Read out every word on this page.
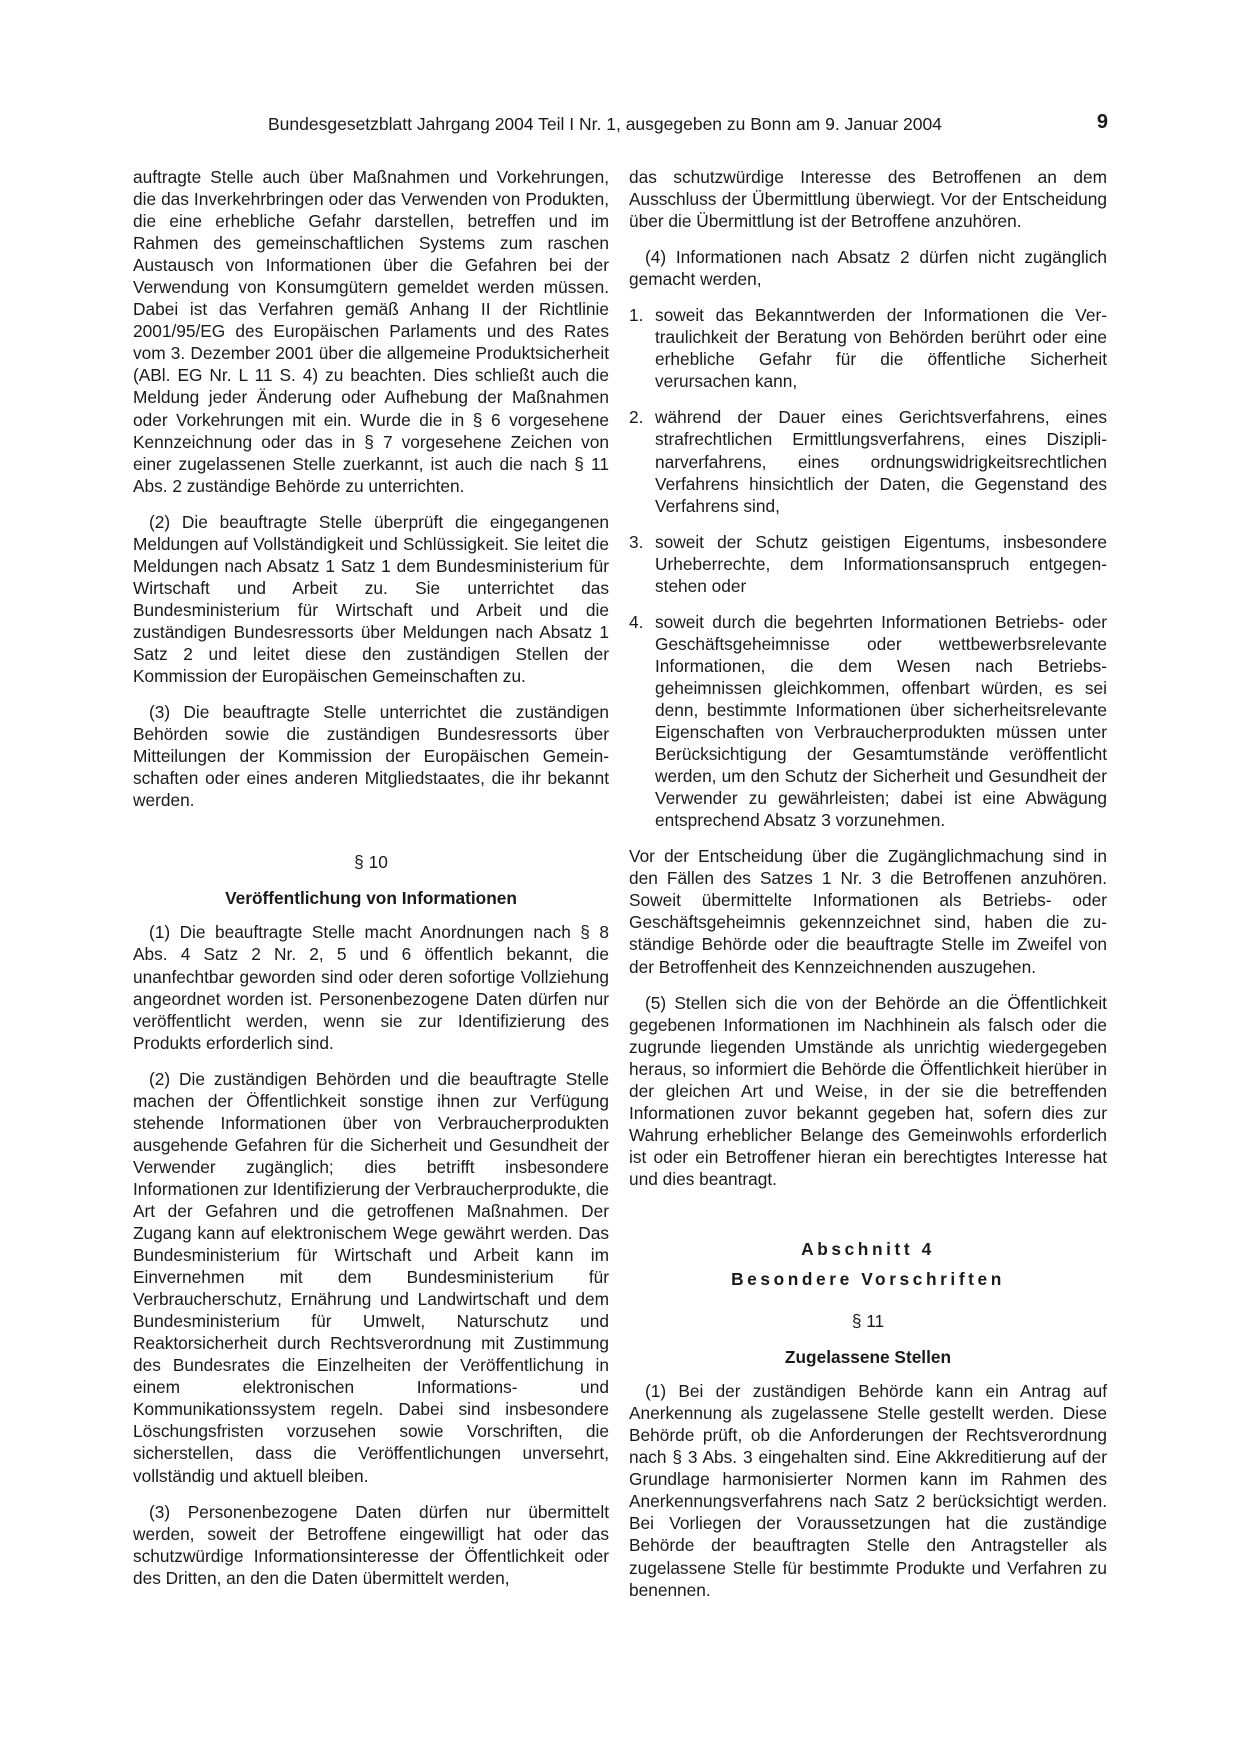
Bundesgesetzblatt Jahrgang 2004 Teil I Nr. 1, ausgegeben zu Bonn am 9. Januar 2004	9

auftragte Stelle auch über Maßnahmen und Vorkehrungen, die das Inverkehrbringen oder das Verwenden von Produkten, die eine erhebliche Gefahr darstellen, betreffen und im Rahmen des gemeinschaftlichen Systems zum raschen Austausch von Informationen über die Gefahren bei der Verwendung von Konsumgütern gemeldet werden müssen. Dabei ist das Verfahren gemäß Anhang II der Richtlinie 2001/95/EG des Europäischen Parlaments und des Rates vom 3. Dezember 2001 über die allgemeine Produktsicherheit (ABl. EG Nr. L 11 S. 4) zu beachten. Dies schließt auch die Meldung jeder Änderung oder Aufhebung der Maßnahmen oder Vorkehrungen mit ein. Wurde die in § 6 vorgesehene Kennzeichnung oder das in § 7 vorgesehene Zeichen von einer zugelassenen Stelle zuerkannt, ist auch die nach § 11 Abs. 2 zuständige Behörde zu unterrichten.

(2) Die beauftragte Stelle überprüft die eingegangenen Meldungen auf Vollständigkeit und Schlüssigkeit. Sie leitet die Meldungen nach Absatz 1 Satz 1 dem Bundesministerium für Wirtschaft und Arbeit zu. Sie unterrichtet das Bundesministerium für Wirtschaft und Arbeit und die zuständigen Bundesressorts über Meldungen nach Absatz 1 Satz 2 und leitet diese den zuständigen Stellen der Kommission der Europäischen Gemeinschaften zu.

(3) Die beauftragte Stelle unterrichtet die zuständigen Behörden sowie die zuständigen Bundesressorts über Mitteilungen der Kommission der Europäischen Gemeinschaften oder eines anderen Mitgliedstaates, die ihr bekannt werden.

§ 10
Veröffentlichung von Informationen

(1) Die beauftragte Stelle macht Anordnungen nach § 8 Abs. 4 Satz 2 Nr. 2, 5 und 6 öffentlich bekannt, die unanfechtbar geworden sind oder deren sofortige Vollziehung angeordnet worden ist. Personenbezogene Daten dürfen nur veröffentlicht werden, wenn sie zur Identifizierung des Produkts erforderlich sind.

(2) Die zuständigen Behörden und die beauftragte Stelle machen der Öffentlichkeit sonstige ihnen zur Verfügung stehende Informationen über von Verbraucherprodukten ausgehende Gefahren für die Sicherheit und Gesundheit der Verwender zugänglich; dies betrifft insbesondere Informationen zur Identifizierung der Verbraucherprodukte, die Art der Gefahren und die getroffenen Maßnahmen. Der Zugang kann auf elektronischem Wege gewährt werden. Das Bundesministerium für Wirtschaft und Arbeit kann im Einvernehmen mit dem Bundesministerium für Verbraucherschutz, Ernährung und Landwirtschaft und dem Bundesministerium für Umwelt, Naturschutz und Reaktorsicherheit durch Rechtsverordnung mit Zustimmung des Bundesrates die Einzelheiten der Veröffentlichung in einem elektronischen Informations- und Kommunikationssystem regeln. Dabei sind insbesondere Löschungsfristen vorzusehen sowie Vorschriften, die sicherstellen, dass die Veröffentlichungen unversehrt, vollständig und aktuell bleiben.

(3) Personenbezogene Daten dürfen nur übermittelt werden, soweit der Betroffene eingewilligt hat oder das schutzwürdige Informationsinteresse der Öffentlichkeit oder des Dritten, an den die Daten übermittelt werden,

das schutzwürdige Interesse des Betroffenen an dem Ausschluss der Übermittlung überwiegt. Vor der Entscheidung über die Übermittlung ist der Betroffene anzuhören.

(4) Informationen nach Absatz 2 dürfen nicht zugänglich gemacht werden,

1. soweit das Bekanntwerden der Informationen die Vertraulichkeit der Beratung von Behörden berührt oder eine erhebliche Gefahr für die öffentliche Sicherheit verursachen kann,
2. während der Dauer eines Gerichtsverfahrens, eines strafrechtlichen Ermittlungsverfahrens, eines Disziplinarverfahrens, eines ordnungswidrigkeitsrechtlichen Verfahrens hinsichtlich der Daten, die Gegenstand des Verfahrens sind,
3. soweit der Schutz geistigen Eigentums, insbesondere Urheberrechte, dem Informationsanspruch entgegenstehen oder
4. soweit durch die begehrten Informationen Betriebs- oder Geschäftsgeheimnisse oder wettbewerbsrelevante Informationen, die dem Wesen nach Betriebsgeheimnissen gleichkommen, offenbart würden, es sei denn, bestimmte Informationen über sicherheitsrelevante Eigenschaften von Verbraucherprodukten müssen unter Berücksichtigung der Gesamtumstände veröffentlicht werden, um den Schutz der Sicherheit und Gesundheit der Verwender zu gewährleisten; dabei ist eine Abwägung entsprechend Absatz 3 vorzunehmen.

Vor der Entscheidung über die Zugänglichmachung sind in den Fällen des Satzes 1 Nr. 3 die Betroffenen anzuhören. Soweit übermittelte Informationen als Betriebs- oder Geschäftsgeheimnis gekennzeichnet sind, haben die zuständige Behörde oder die beauftragte Stelle im Zweifel von der Betroffenheit des Kennzeichnenden auszugehen.

(5) Stellen sich die von der Behörde an die Öffentlichkeit gegebenen Informationen im Nachhinein als falsch oder die zugrunde liegenden Umstände als unrichtig wiedergegeben heraus, so informiert die Behörde die Öffentlichkeit hierüber in der gleichen Art und Weise, in der sie die betreffenden Informationen zuvor bekannt gegeben hat, sofern dies zur Wahrung erheblicher Belange des Gemeinwohls erforderlich ist oder ein Betroffener hieran ein berechtigtes Interesse hat und dies beantragt.

Abschnitt 4
Besondere Vorschriften
§ 11
Zugelassene Stellen

(1) Bei der zuständigen Behörde kann ein Antrag auf Anerkennung als zugelassene Stelle gestellt werden. Diese Behörde prüft, ob die Anforderungen der Rechtsverordnung nach § 3 Abs. 3 eingehalten sind. Eine Akkreditierung auf der Grundlage harmonisierter Normen kann im Rahmen des Anerkennungsverfahrens nach Satz 2 berücksichtigt werden. Bei Vorliegen der Voraussetzungen hat die zuständige Behörde der beauftragten Stelle den Antragsteller als zugelassene Stelle für bestimmte Produkte und Verfahren zu benennen.
